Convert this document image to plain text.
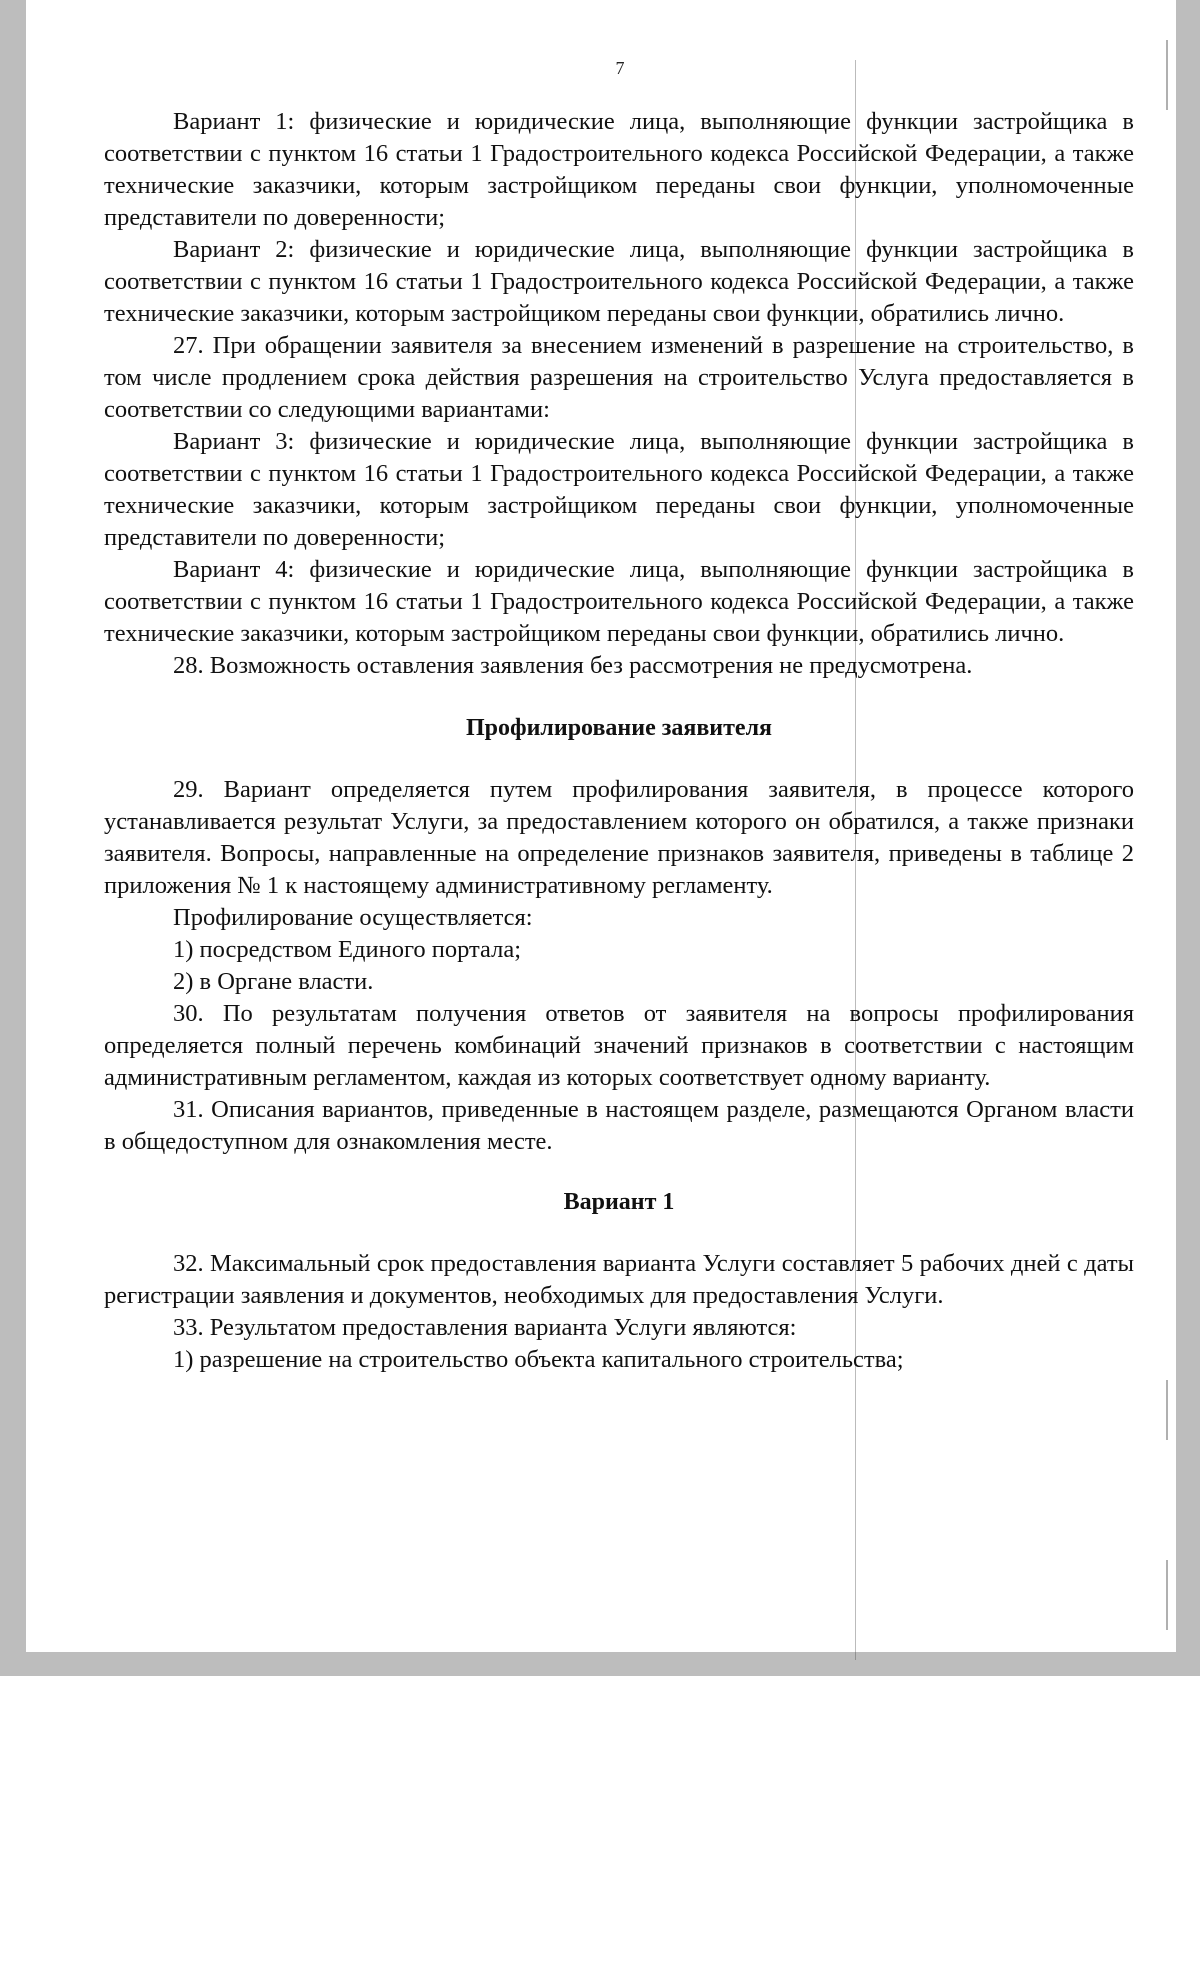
7

Вариант 1: физические и юридические лица, выполняющие функции застройщика в соответствии с пунктом 16 статьи 1 Градостроительного кодекса Российской Федерации, а также технические заказчики, которым застройщиком переданы свои функции, уполномоченные представители по доверенности;

Вариант 2: физические и юридические лица, выполняющие функции застройщика в соответствии с пунктом 16 статьи 1 Градостроительного кодекса Российской Федерации, а также технические заказчики, которым застройщиком переданы свои функции, обратились лично.

27. При обращении заявителя за внесением изменений в разрешение на строительство, в том числе продлением срока действия разрешения на строительство Услуга предоставляется в соответствии со следующими вариантами:

Вариант 3: физические и юридические лица, выполняющие функции застройщика в соответствии с пунктом 16 статьи 1 Градостроительного кодекса Российской Федерации, а также технические заказчики, которым застройщиком переданы свои функции, уполномоченные представители по доверенности;

Вариант 4: физические и юридические лица, выполняющие функции застройщика в соответствии с пунктом 16 статьи 1 Градостроительного кодекса Российской Федерации, а также технические заказчики, которым застройщиком переданы свои функции, обратились лично.

28. Возможность оставления заявления без рассмотрения не предусмотрена.

Профилирование заявителя

29. Вариант определяется путем профилирования заявителя, в процессе которого устанавливается результат Услуги, за предоставлением которого он обратился, а также признаки заявителя. Вопросы, направленные на определение признаков заявителя, приведены в таблице 2 приложения № 1 к настоящему административному регламенту.

Профилирование осуществляется:

1) посредством Единого портала;

2) в Органе власти.

30. По результатам получения ответов от заявителя на вопросы профилирования определяется полный перечень комбинаций значений признаков в соответствии с настоящим административным регламентом, каждая из которых соответствует одному варианту.

31. Описания вариантов, приведенные в настоящем разделе, размещаются Органом власти в общедоступном для ознакомления месте.

Вариант 1

32. Максимальный срок предоставления варианта Услуги составляет 5 рабочих дней с даты регистрации заявления и документов, необходимых для предоставления Услуги.

33. Результатом предоставления варианта Услуги являются:

1) разрешение на строительство объекта капитального строительства;
